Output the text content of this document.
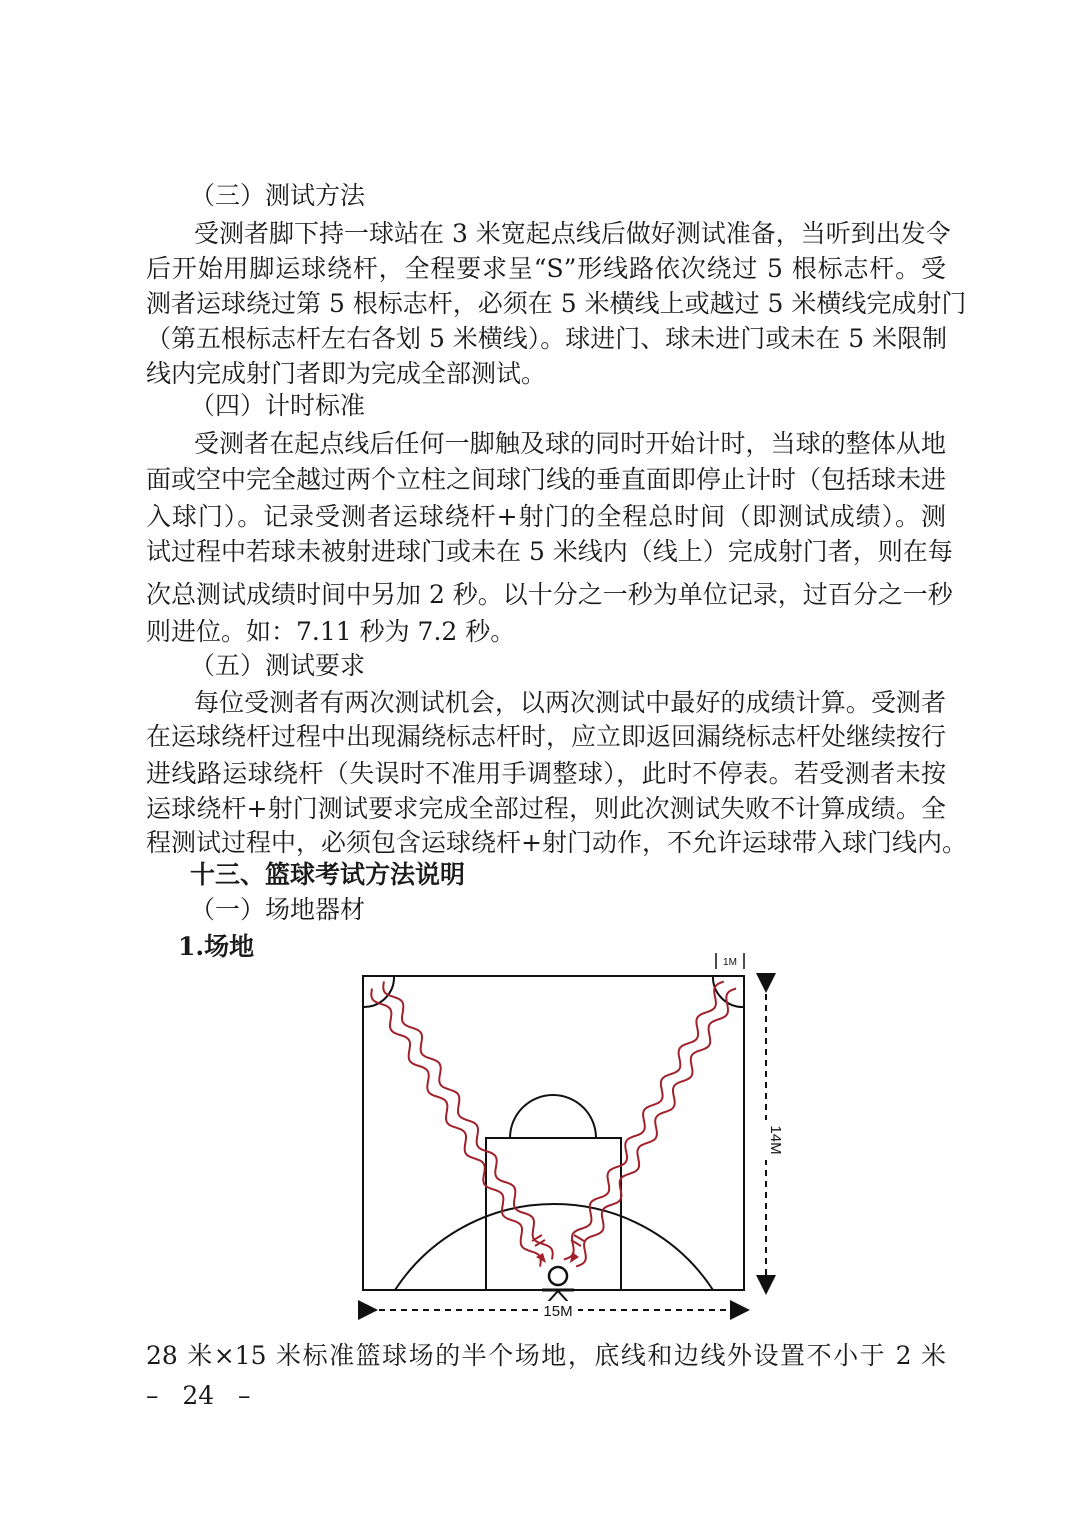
（三）测试方法
受测者脚下持一球站在 3 米宽起点线后做好测试准备，当听到出发令
后开始用脚运球绕杆，全程要求呈“S”形线路依次绕过 5 根标志杆。受
测者运球绕过第 5 根标志杆，必须在 5 米横线上或越过 5 米横线完成射门
（第五根标志杆左右各划 5 米横线）。球进门、球未进门或未在 5 米限制
线内完成射门者即为完成全部测试。
（四）计时标准
受测者在起点线后任何一脚触及球的同时开始计时，当球的整体从地
面或空中完全越过两个立柱之间球门线的垂直面即停止计时（包括球未进
入球门）。记录受测者运球绕杆+射门的全程总时间（即测试成绩）。测
试过程中若球未被射进球门或未在 5 米线内（线上）完成射门者，则在每
次总测试成绩时间中另加 2 秒。以十分之一秒为单位记录，过百分之一秒
则进位。如：7.11 秒为 7.2 秒。
（五）测试要求
每位受测者有两次测试机会，以两次测试中最好的成绩计算。受测者
在运球绕杆过程中出现漏绕标志杆时，应立即返回漏绕标志杆处继续按行
进线路运球绕杆（失误时不准用手调整球），此时不停表。若受测者未按
运球绕杆+射门测试要求完成全部过程，则此次测试失败不计算成绩。全
程测试过程中，必须包含运球绕杆+射门动作，不允许运球带入球门线内。
十三、篮球考试方法说明
（一）场地器材
1.场地
14M
15M
1M
28 米×15 米标准篮球场的半个场地，底线和边线外设置不小于 2 米
–   24   –
